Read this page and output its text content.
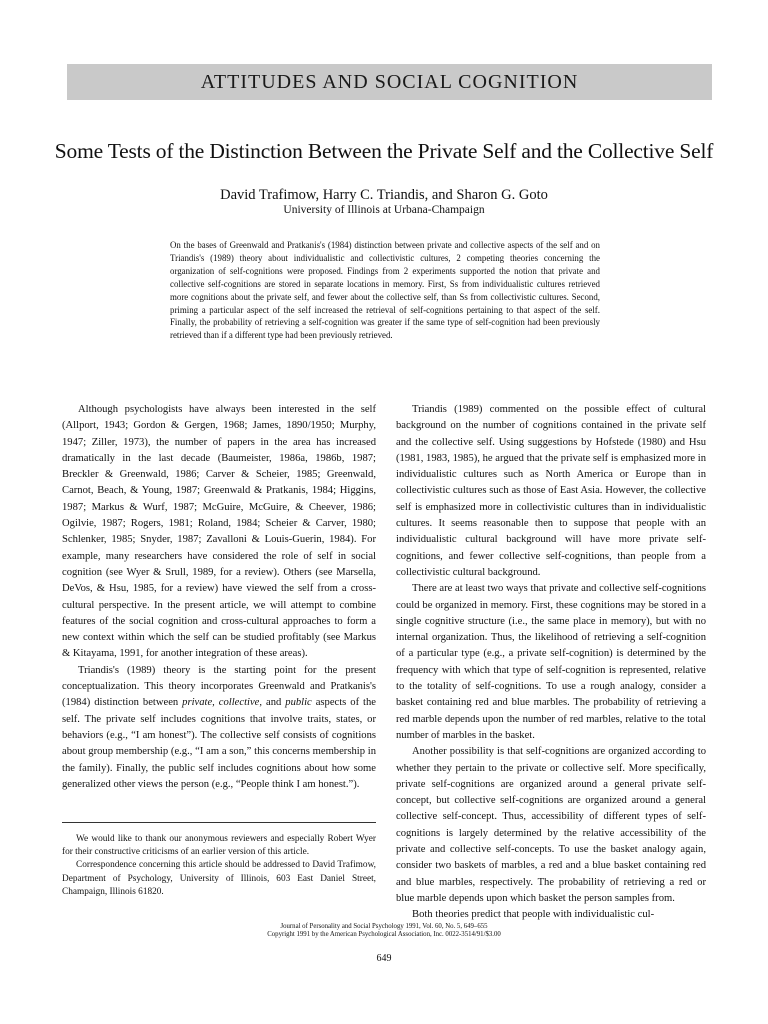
ATTITUDES AND SOCIAL COGNITION
Some Tests of the Distinction Between the Private Self and the Collective Self
David Trafimow, Harry C. Triandis, and Sharon G. Goto
University of Illinois at Urbana-Champaign

On the bases of Greenwald and Pratkanis's (1984) distinction between private and collective aspects of the self and on Triandis's (1989) theory about individualistic and collectivistic cultures, 2 competing theories concerning the organization of self-cognitions were proposed. Findings from 2 experiments supported the notion that private and collective self-cognitions are stored in separate locations in memory. First, Ss from individualistic cultures retrieved more cognitions about the private self, and fewer about the collective self, than Ss from collectivistic cultures. Second, priming a particular aspect of the self increased the retrieval of self-cognitions pertaining to that aspect of the self. Finally, the probability of retrieving a self-cognition was greater if the same type of self-cognition had been previously retrieved than if a different type had been previously retrieved.

Although psychologists have always been interested in the self (Allport, 1943; Gordon & Gergen, 1968; James, 1890/1950; Murphy, 1947; Ziller, 1973), the number of papers in the area has increased dramatically in the last decade (Baumeister, 1986a, 1986b, 1987; Breckler & Greenwald, 1986; Carver & Scheier, 1985; Greenwald, Carnot, Beach, & Young, 1987; Greenwald & Pratkanis, 1984; Higgins, 1987; Markus & Wurf, 1987; McGuire, McGuire, & Cheever, 1986; Ogilvie, 1987; Rogers, 1981; Roland, 1984; Scheier & Carver, 1980; Schlenker, 1985; Snyder, 1987; Zavalloni & Louis-Guerin, 1984). For example, many researchers have considered the role of self in social cognition (see Wyer & Srull, 1989, for a review). Others (see Marsella, DeVos, & Hsu, 1985, for a review) have viewed the self from a cross-cultural perspective. In the present article, we will attempt to combine features of the social cognition and cross-cultural approaches to form a new context within which the self can be studied profitably (see Markus & Kitayama, 1991, for another integration of these areas).

Triandis's (1989) theory is the starting point for the present conceptualization. This theory incorporates Greenwald and Pratkanis's (1984) distinction between private, collective, and public aspects of the self. The private self includes cognitions that involve traits, states, or behaviors (e.g., “I am honest”). The collective self consists of cognitions about group membership (e.g., “I am a son,” this concerns membership in the family). Finally, the public self includes cognitions about how some generalized other views the person (e.g., “People think I am honest.”).

We would like to thank our anonymous reviewers and especially Robert Wyer for their constructive criticisms of an earlier version of this article.

Correspondence concerning this article should be addressed to David Trafimow, Department of Psychology, University of Illinois, 603 East Daniel Street, Champaign, Illinois 61820.

Triandis (1989) commented on the possible effect of cultural background on the number of cognitions contained in the private self and the collective self. Using suggestions by Hofstede (1980) and Hsu (1981, 1983, 1985), he argued that the private self is emphasized more in individualistic cultures such as North America or Europe than in collectivistic cultures such as those of East Asia. However, the collective self is emphasized more in collectivistic cultures than in individualistic cultures. It seems reasonable then to suppose that people with an individualistic cultural background will have more private self-cognitions, and fewer collective self-cognitions, than people from a collectivistic cultural background.

There are at least two ways that private and collective self-cognitions could be organized in memory. First, these cognitions may be stored in a single cognitive structure (i.e., the same place in memory), but with no internal organization. Thus, the likelihood of retrieving a self-cognition of a particular type (e.g., a private self-cognition) is determined by the frequency with which that type of self-cognition is represented, relative to the totality of self-cognitions. To use a rough analogy, consider a basket containing red and blue marbles. The probability of retrieving a red marble depends upon the number of red marbles, relative to the total number of marbles in the basket.

Another possibility is that self-cognitions are organized according to whether they pertain to the private or collective self. More specifically, private self-cognitions are organized around a general private self-concept, but collective self-cognitions are organized around a general collective self-concept. Thus, accessibility of different types of self-cognitions is largely determined by the relative accessibility of the private and collective self-concepts. To use the basket analogy again, consider two baskets of marbles, a red and a blue basket containing red and blue marbles, respectively. The probability of retrieving a red or blue marble depends upon which basket the person samples from.

Both theories predict that people with individualistic cul-

Journal of Personality and Social Psychology 1991, Vol. 60, No. 5, 649–655
Copyright 1991 by the American Psychological Association, Inc. 0022-3514/91/$3.00
649
